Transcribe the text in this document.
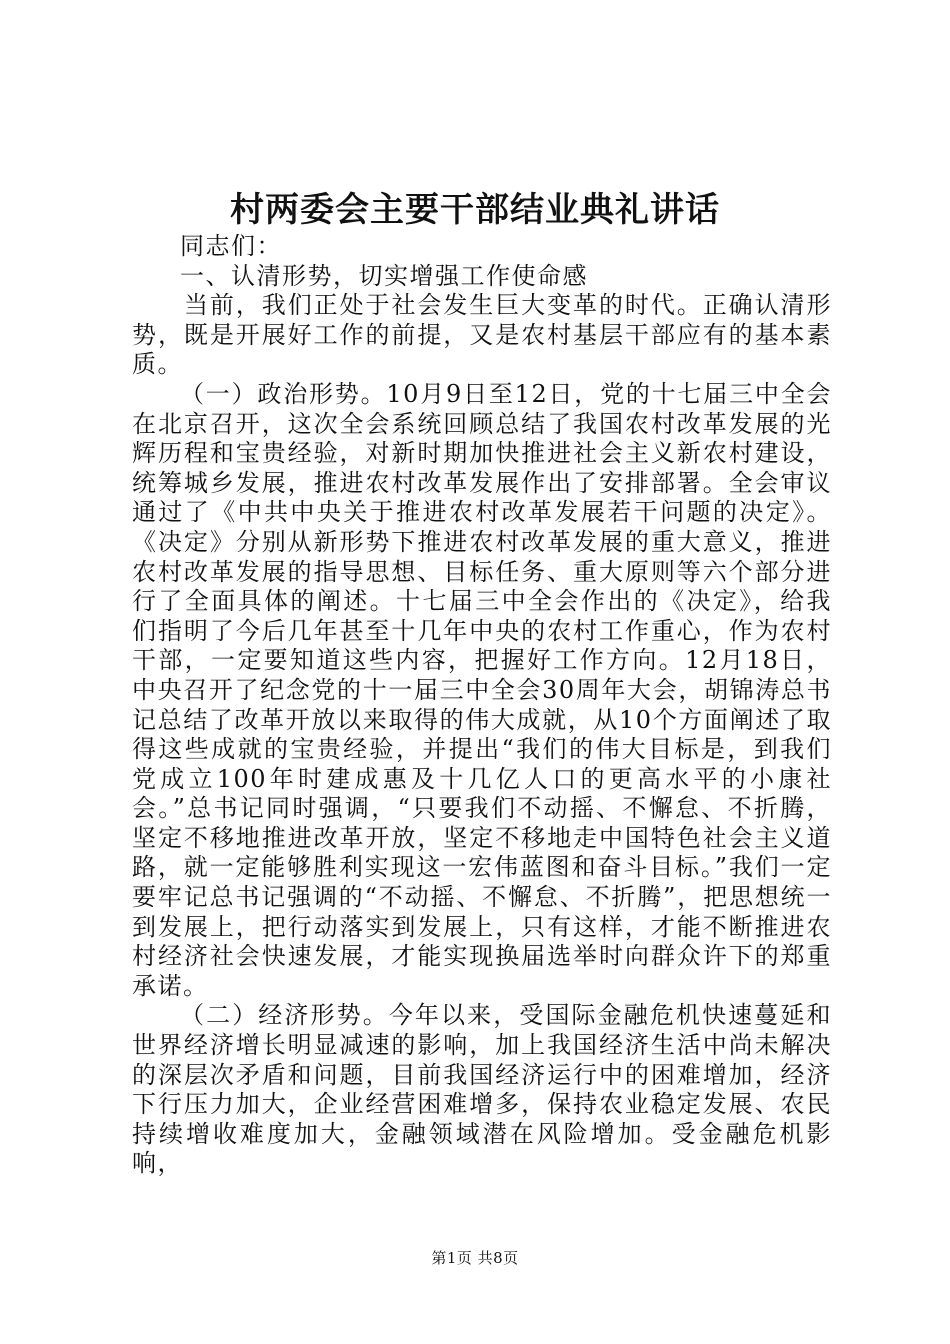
村两委会主要干部结业典礼讲话

同志们：

一、认清形势，切实增强工作使命感

当前，我们正处于社会发生巨大变革的时代。正确认清形势，既是开展好工作的前提，又是农村基层干部应有的基本素质。

（一）政治形势。10月9日至12日，党的十七届三中全会在北京召开，这次全会系统回顾总结了我国农村改革发展的光辉历程和宝贵经验，对新时期加快推进社会主义新农村建设，统筹城乡发展，推进农村改革发展作出了安排部署。全会审议通过了《中共中央关于推进农村改革发展若干问题的决定》。《决定》分别从新形势下推进农村改革发展的重大意义，推进农村改革发展的指导思想、目标任务、重大原则等六个部分进行了全面具体的阐述。十七届三中全会作出的《决定》，给我们指明了今后几年甚至十几年中央的农村工作重心，作为农村干部，一定要知道这些内容，把握好工作方向。12月18日，中央召开了纪念党的十一届三中全会30周年大会，胡锦涛总书记总结了改革开放以来取得的伟大成就，从10个方面阐述了取得这些成就的宝贵经验，并提出“我们的伟大目标是，到我们党成立100年时建成惠及十几亿人口的更高水平的小康社会。”总书记同时强调，“只要我们不动摇、不懈怠、不折腾，坚定不移地推进改革开放，坚定不移地走中国特色社会主义道路，就一定能够胜利实现这一宏伟蓝图和奋斗目标。”我们一定要牢记总书记强调的“不动摇、不懈怠、不折腾”，把思想统一到发展上，把行动落实到发展上，只有这样，才能不断推进农村经济社会快速发展，才能实现换届选举时向群众许下的郑重承诺。

（二）经济形势。今年以来，受国际金融危机快速蔓延和世界经济增长明显减速的影响，加上我国经济生活中尚未解决的深层次矛盾和问题，目前我国经济运行中的困难增加，经济下行压力加大，企业经营困难增多，保持农业稳定发展、农民持续增收难度加大，金融领域潜在风险增加。受金融危机影响，

第1页 共8页
